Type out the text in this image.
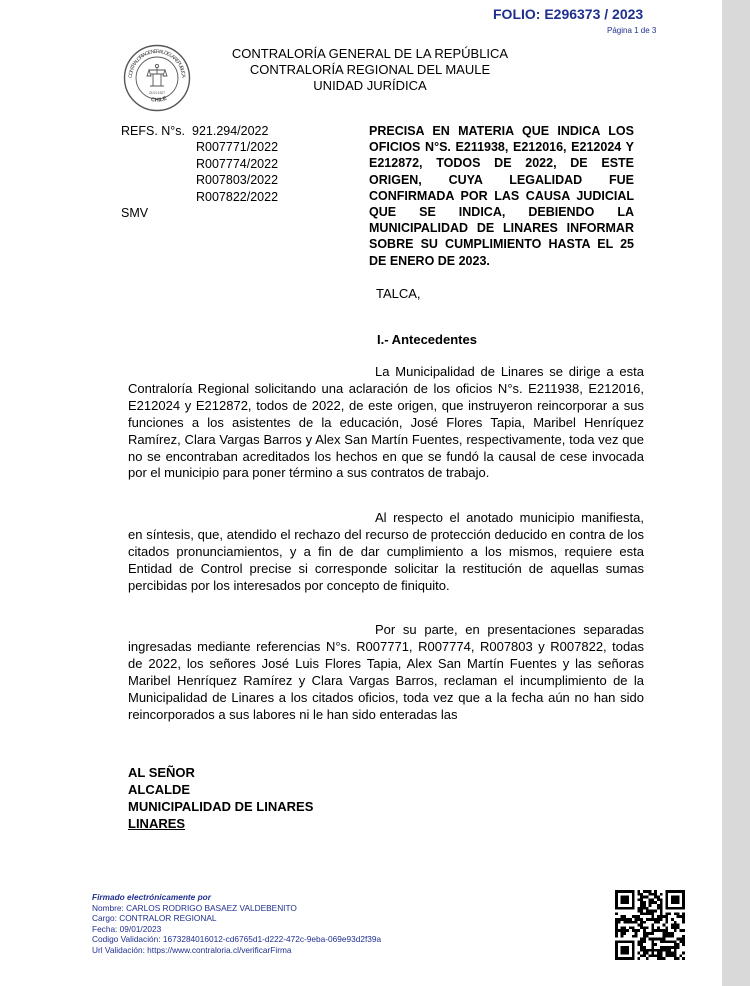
FOLIO: E296373 / 2023
Página 1 de 3
CONTRALORIA GENERAL DE LA REPUBLICA
CHILE
24.01.1927
CONTRALORÍA GENERAL DE LA REPÚBLICA
CONTRALORÍA REGIONAL DEL MAULE
UNIDAD JURÍDICA
REFS. N°s. 921.294/2022
R007771/2022
R007774/2022
R007803/2022
R007822/2022
SMV
PRECISA EN MATERIA QUE INDICA LOS OFICIOS N°S. E211938, E212016, E212024 Y E212872, TODOS DE 2022, DE ESTE ORIGEN, CUYA LEGALIDAD FUE CONFIRMADA POR LAS CAUSA JUDICIAL QUE SE INDICA, DEBIENDO LA MUNICIPALIDAD DE LINARES INFORMAR SOBRE SU CUMPLIMIENTO HASTA EL 25 DE ENERO DE 2023.
TALCA,
I.- Antecedentes

La Municipalidad de Linares se dirige a esta Contraloría Regional solicitando una aclaración de los oficios N°s. E211938, E212016, E212024 y E212872, todos de 2022, de este origen, que instruyeron reincorporar a sus funciones a los asistentes de la educación, José Flores Tapia, Maribel Henríquez Ramírez, Clara Vargas Barros y Alex San Martín Fuentes, respectivamente, toda vez que no se encontraban acreditados los hechos en que se fundó la causal de cese invocada por el municipio para poner término a sus contratos de trabajo.

Al respecto el anotado municipio manifiesta, en síntesis, que, atendido el rechazo del recurso de protección deducido en contra de los citados pronunciamientos, y a fin de dar cumplimiento a los mismos, requiere esta Entidad de Control precise si corresponde solicitar la restitución de aquellas sumas percibidas por los interesados por concepto de finiquito.

Por su parte, en presentaciones separadas ingresadas mediante referencias N°s. R007771, R007774, R007803 y R007822, todas de 2022, los señores José Luis Flores Tapia, Alex San Martín Fuentes y las señoras Maribel Henríquez Ramírez y Clara Vargas Barros, reclaman el incumplimiento de la Municipalidad de Linares a los citados oficios, toda vez que a la fecha aún no han sido reincorporados a sus labores ni le han sido enteradas las

AL SEÑOR
ALCALDE
MUNICIPALIDAD DE LINARES
LINARES
Firmado electrónicamente por
Nombre: CARLOS RODRIGO BASAEZ VALDEBENITO
Cargo: CONTRALOR REGIONAL
Fecha: 09/01/2023
Codigo Validación: 1673284016012-cd6765d1-d222-472c-9eba-069e93d2f39a
Url Validación: https://www.contraloria.cl/verificarFirma
